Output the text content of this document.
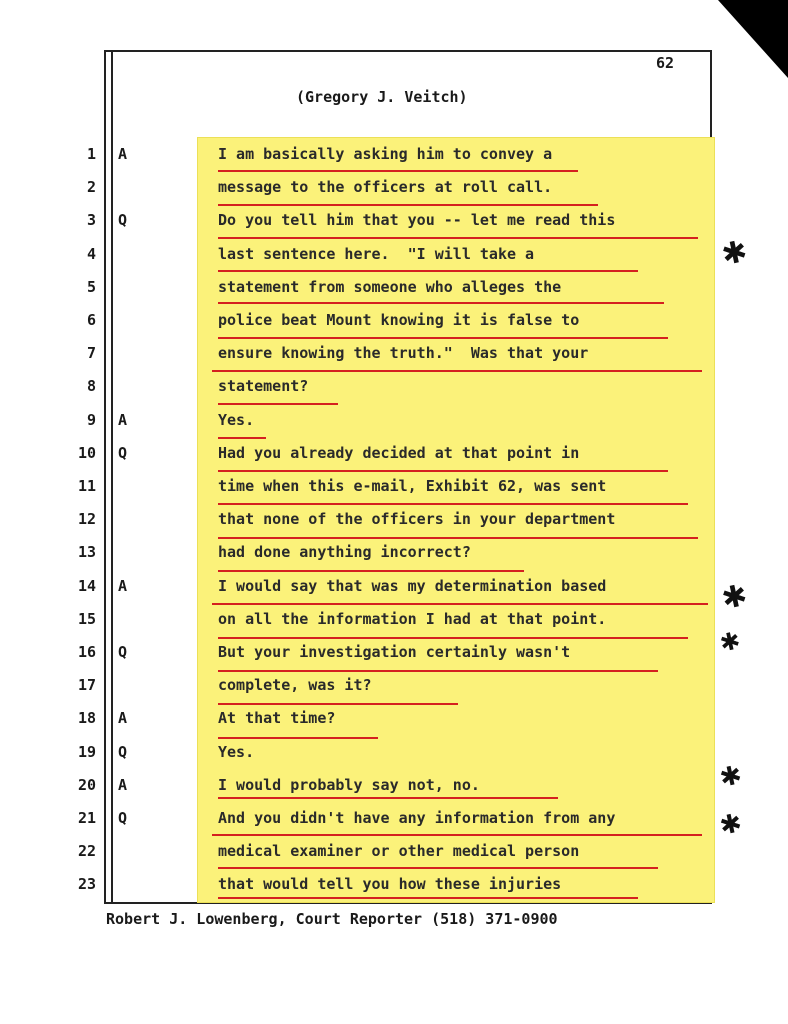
62
(Gregory J. Veitch)
1 A	I am basically asking him to convey a
2	message to the officers at roll call.
3 Q	Do you tell him that you -- let me read this
4	last sentence here.  "I will take a
5	statement from someone who alleges the
6	police beat Mount knowing it is false to
7	ensure knowing the truth."  Was that your
8	statement?
9 A	Yes.
10 Q	Had you already decided at that point in
11	time when this e-mail, Exhibit 62, was sent
12	that none of the officers in your department
13	had done anything incorrect?
14 A	I would say that was my determination based
15	on all the information I had at that point.
16 Q	But your investigation certainly wasn't
17	complete, was it?
18 A	At that time?
19 Q	Yes.
20 A	I would probably say not, no.
21 Q	And you didn't have any information from any
22	medical examiner or other medical person
23	that would tell you how these injuries
Robert J. Lowenberg, Court Reporter (518) 371-0900
✱
✱
✱
✱
✱
